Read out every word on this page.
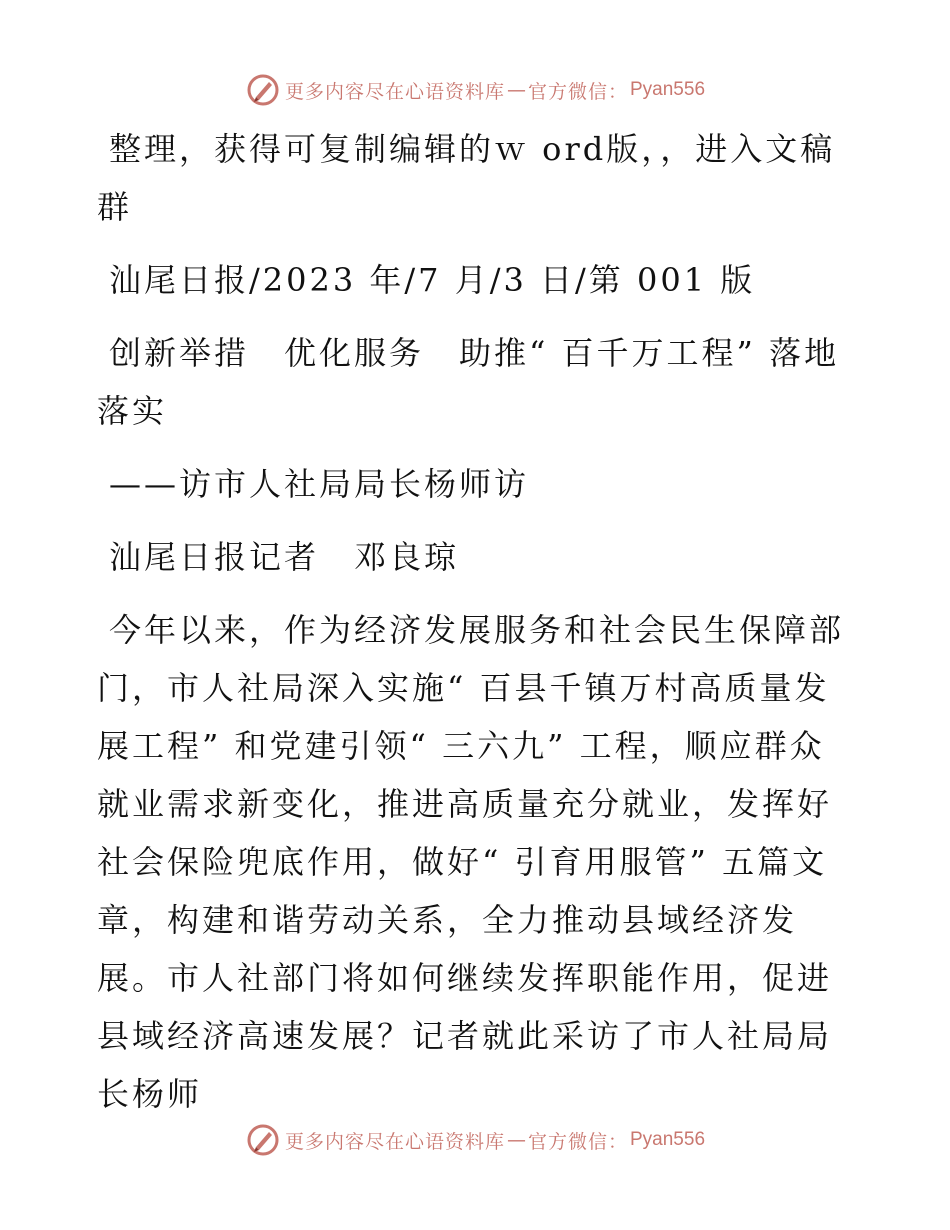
更多内容尽在心语资料库 — 官方微信： Pyan556

整理，获得可复制编辑的ｗ ord版，，进入文稿群

汕尾日报/2023 年/7 月/3 日/第 001 版

创新举措　优化服务　助推“ 百千万工程” 落地落实

——访市人社局局长杨师访

汕尾日报记者　邓良琼

今年以来，作为经济发展服务和社会民生保障部门，市人社局深入实施“ 百县千镇万村高质量发展工程” 和党建引领“ 三六九” 工程，顺应群众就业需求新变化，推进高质量充分就业，发挥好社会保险兜底作用，做好“ 引育用服管” 五篇文章，构建和谐劳动关系，全力推动县域经济发展。市人社部门将如何继续发挥职能作用，促进县域经济高速发展？记者就此采访了市人社局局长杨师

更多内容尽在心语资料库 — 官方微信： Pyan556
